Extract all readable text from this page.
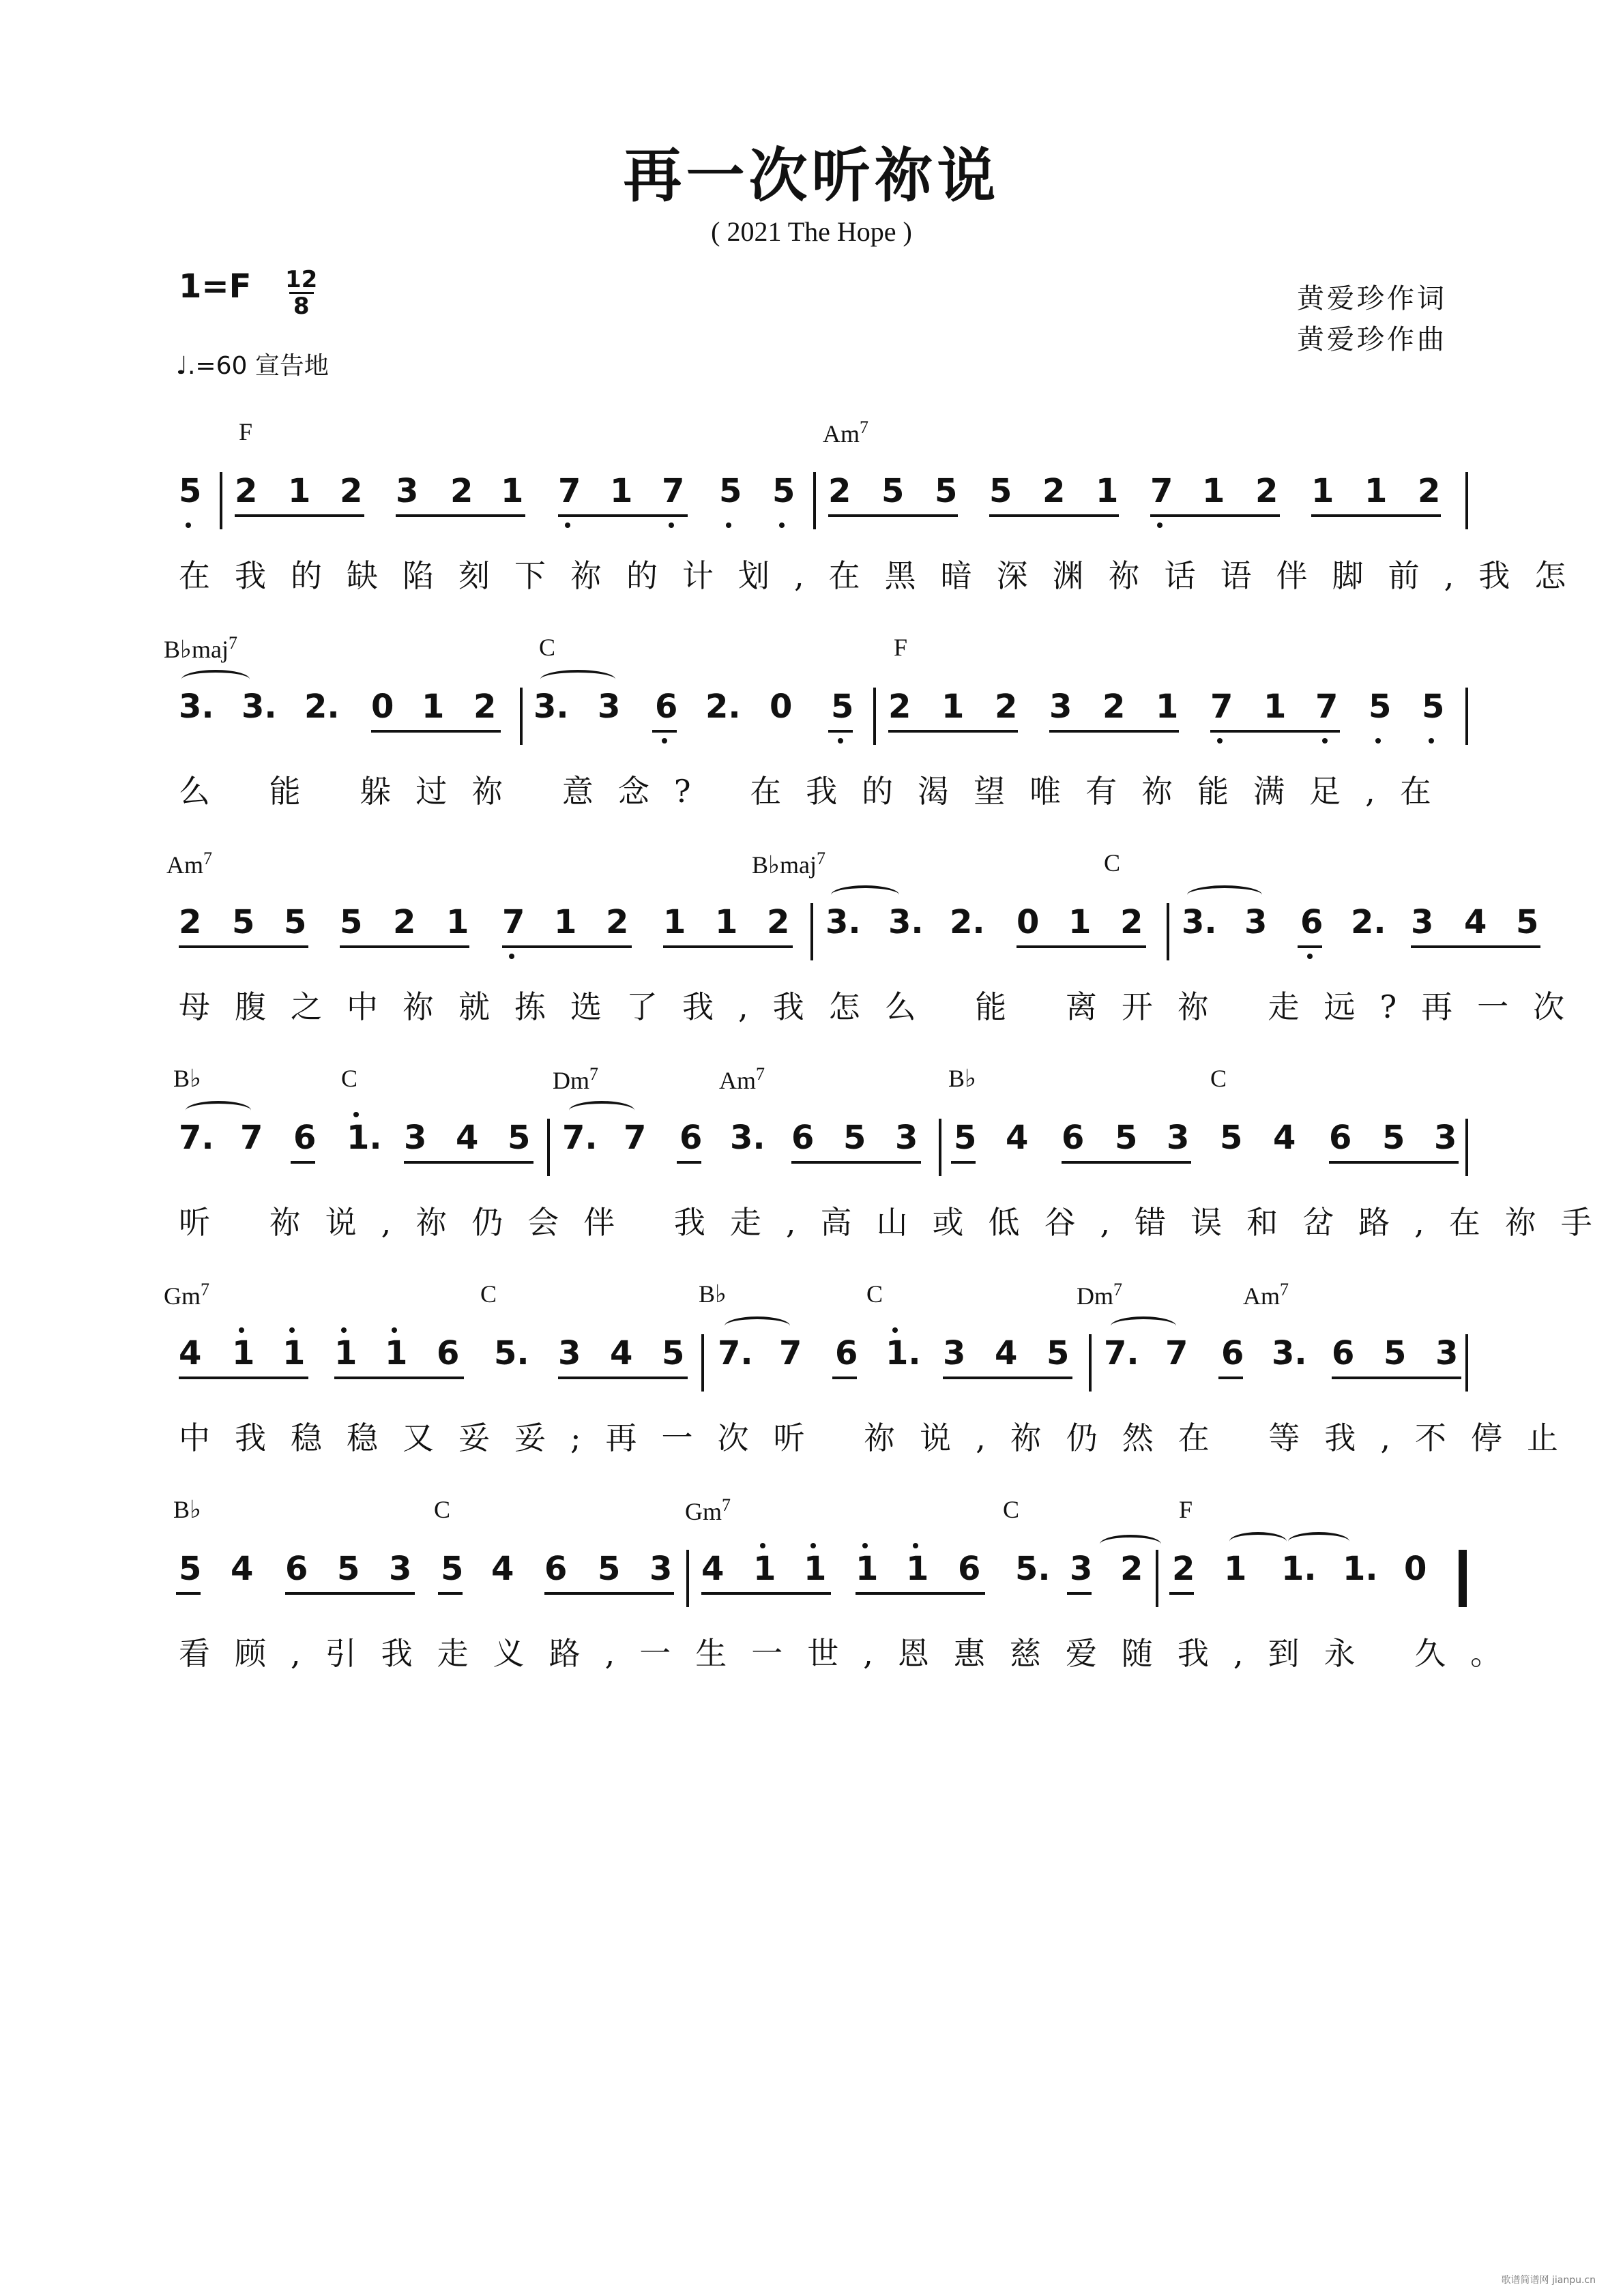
再一次听祢说
( 2021 The Hope )
1=F 12
8
♩.=60 宣告地
黄爱珍作词
黄爱珍作曲
F	Am$^7$
5 2 1 2 3 2 1 7 1 7 5 5 2 5 5 5 2 1 7 1 2 1 1 2
在我的缺陷刻下祢的计划,在黑暗深渊祢话语伴脚前,我怎
B♭maj$^7$	C	F
3. 3. 2. 0 1 2 3. 3 6 2. 0 5 2 1 2 3 2 1 7 1 7 5 5
么 能 躲过祢 意念? 在我的渴望唯有祢能满足,在
Am$^7$	B♭maj$^7$	C
2 5 5 5 2 1 7 1 2 1 1 2 3. 3. 2. 0 1 2 3. 3 6 2. 3 4 5
母腹之中祢就拣选了我,我怎么 能 离开祢 走远?再一次
B♭	C	Dm$^7$	Am$^7$	B♭	C
7. 7 6 1. 3 4 5 7. 7 6 3. 6 5 3 5 4 6 5 3 5 4 6 5 3
听 祢说,祢仍会伴 我走,高山或低谷,错误和岔路,在祢手
Gm$^7$	C	B♭	C	Dm$^7$	Am$^7$
4 1 1 1 1 6 5. 3 4 5 7. 7 6 1. 3 4 5 7. 7 6 3. 6 5 3
中我稳稳又妥妥;再一次听 祢说,祢仍然在 等我,不停止
B♭	C	Gm$^7$	C	F
5 4 6 5 3 5 4 6 5 3 4 1 1 1 1 6 5. 3 2 2 1 1. 1. 0
看顾,引我走义路,一生一世,恩惠慈爱随我,到永 久。
歌谱简谱网 jianpu.cn
